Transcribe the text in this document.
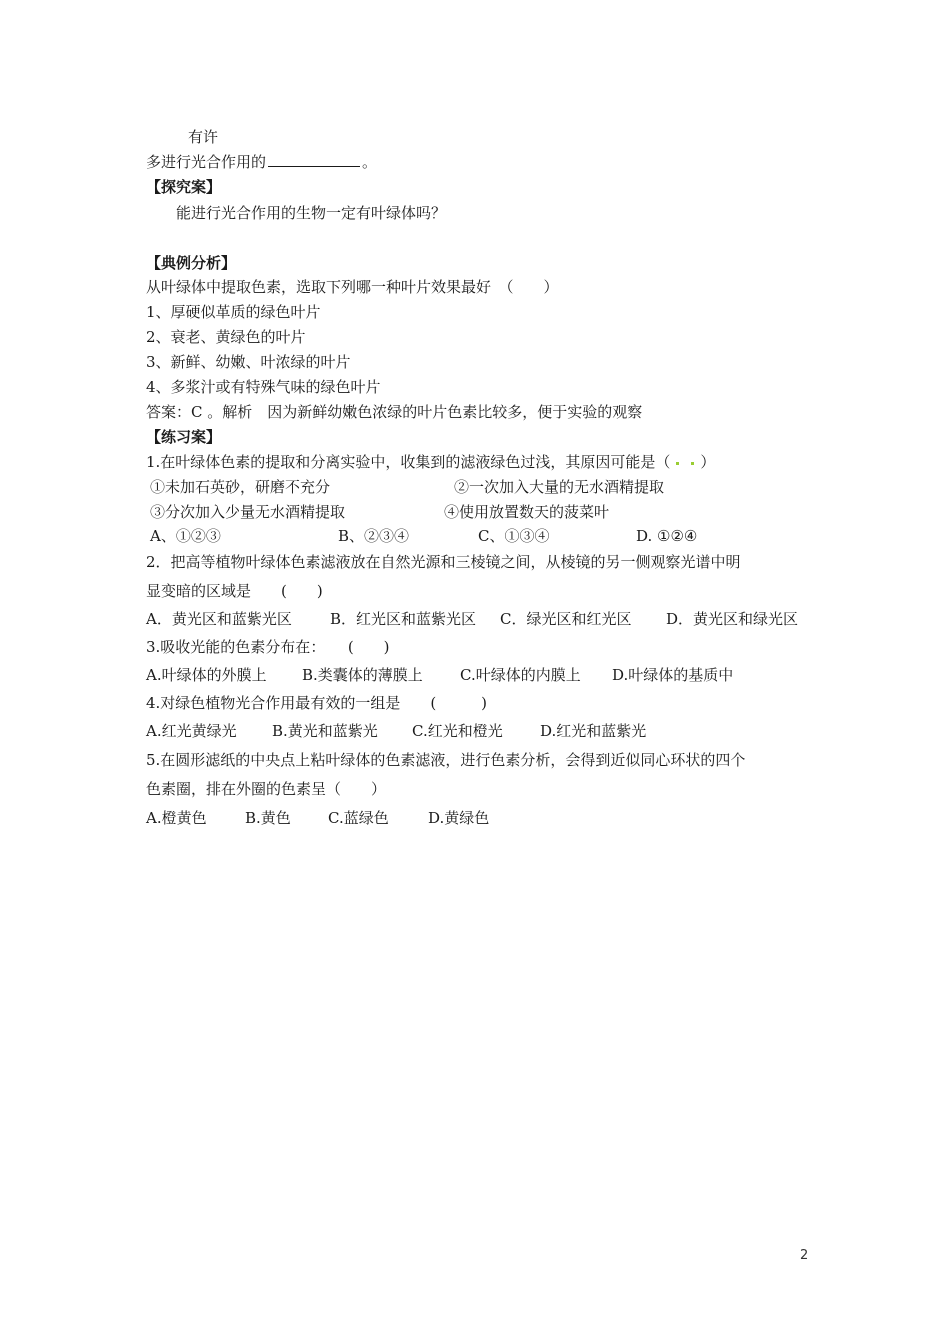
有许
多进行光合作用的	。
【探究案】
能进行光合作用的生物一定有叶绿体吗？
【典例分析】
从叶绿体中提取色素，选取下列哪一种叶片效果最好　（　　）
1、厚硬似革质的绿色叶片
2、衰老、黄绿色的叶片
3、新鲜、幼嫩、叶浓绿的叶片
4、多浆汁或有特殊气味的绿色叶片
答案：C 。解析　因为新鲜幼嫩色浓绿的叶片色素比较多，便于实验的观察
【练习案】
1.在叶绿体色素的提取和分离实验中，收集到的滤液绿色过浅，其原因可能是（ ）
①未加石英砂，研磨不充分	②一次加入大量的无水酒精提取
③分次加入少量无水酒精提取	④使用放置数天的菠菜叶
A、①②③	B、②③④	C、①③④	D. ①②④
2．把高等植物叶绿体色素滤液放在自然光源和三棱镜之间，从棱镜的另一侧观察光谱中明
显变暗的区域是　　(　　)
A．黄光区和蓝紫光区	B．红光区和蓝紫光区 C．绿光区和红光区 D．黄光区和绿光区
3.吸收光能的色素分布在：　　(　　)
A.叶绿体的外膜上 B.类囊体的薄膜上 C.叶绿体的内膜上 D.叶绿体的基质中
4.对绿色植物光合作用最有效的一组是　　(　　　)
A.红光黄绿光 B.黄光和蓝紫光 C.红光和橙光 D.红光和蓝紫光
5.在圆形滤纸的中央点上粘叶绿体的色素滤液，进行色素分析，会得到近似同心环状的四个
色素圈，排在外圈的色素呈（　　）
A.橙黄色	B.黄色 C.蓝绿色	D.黄绿色
2
